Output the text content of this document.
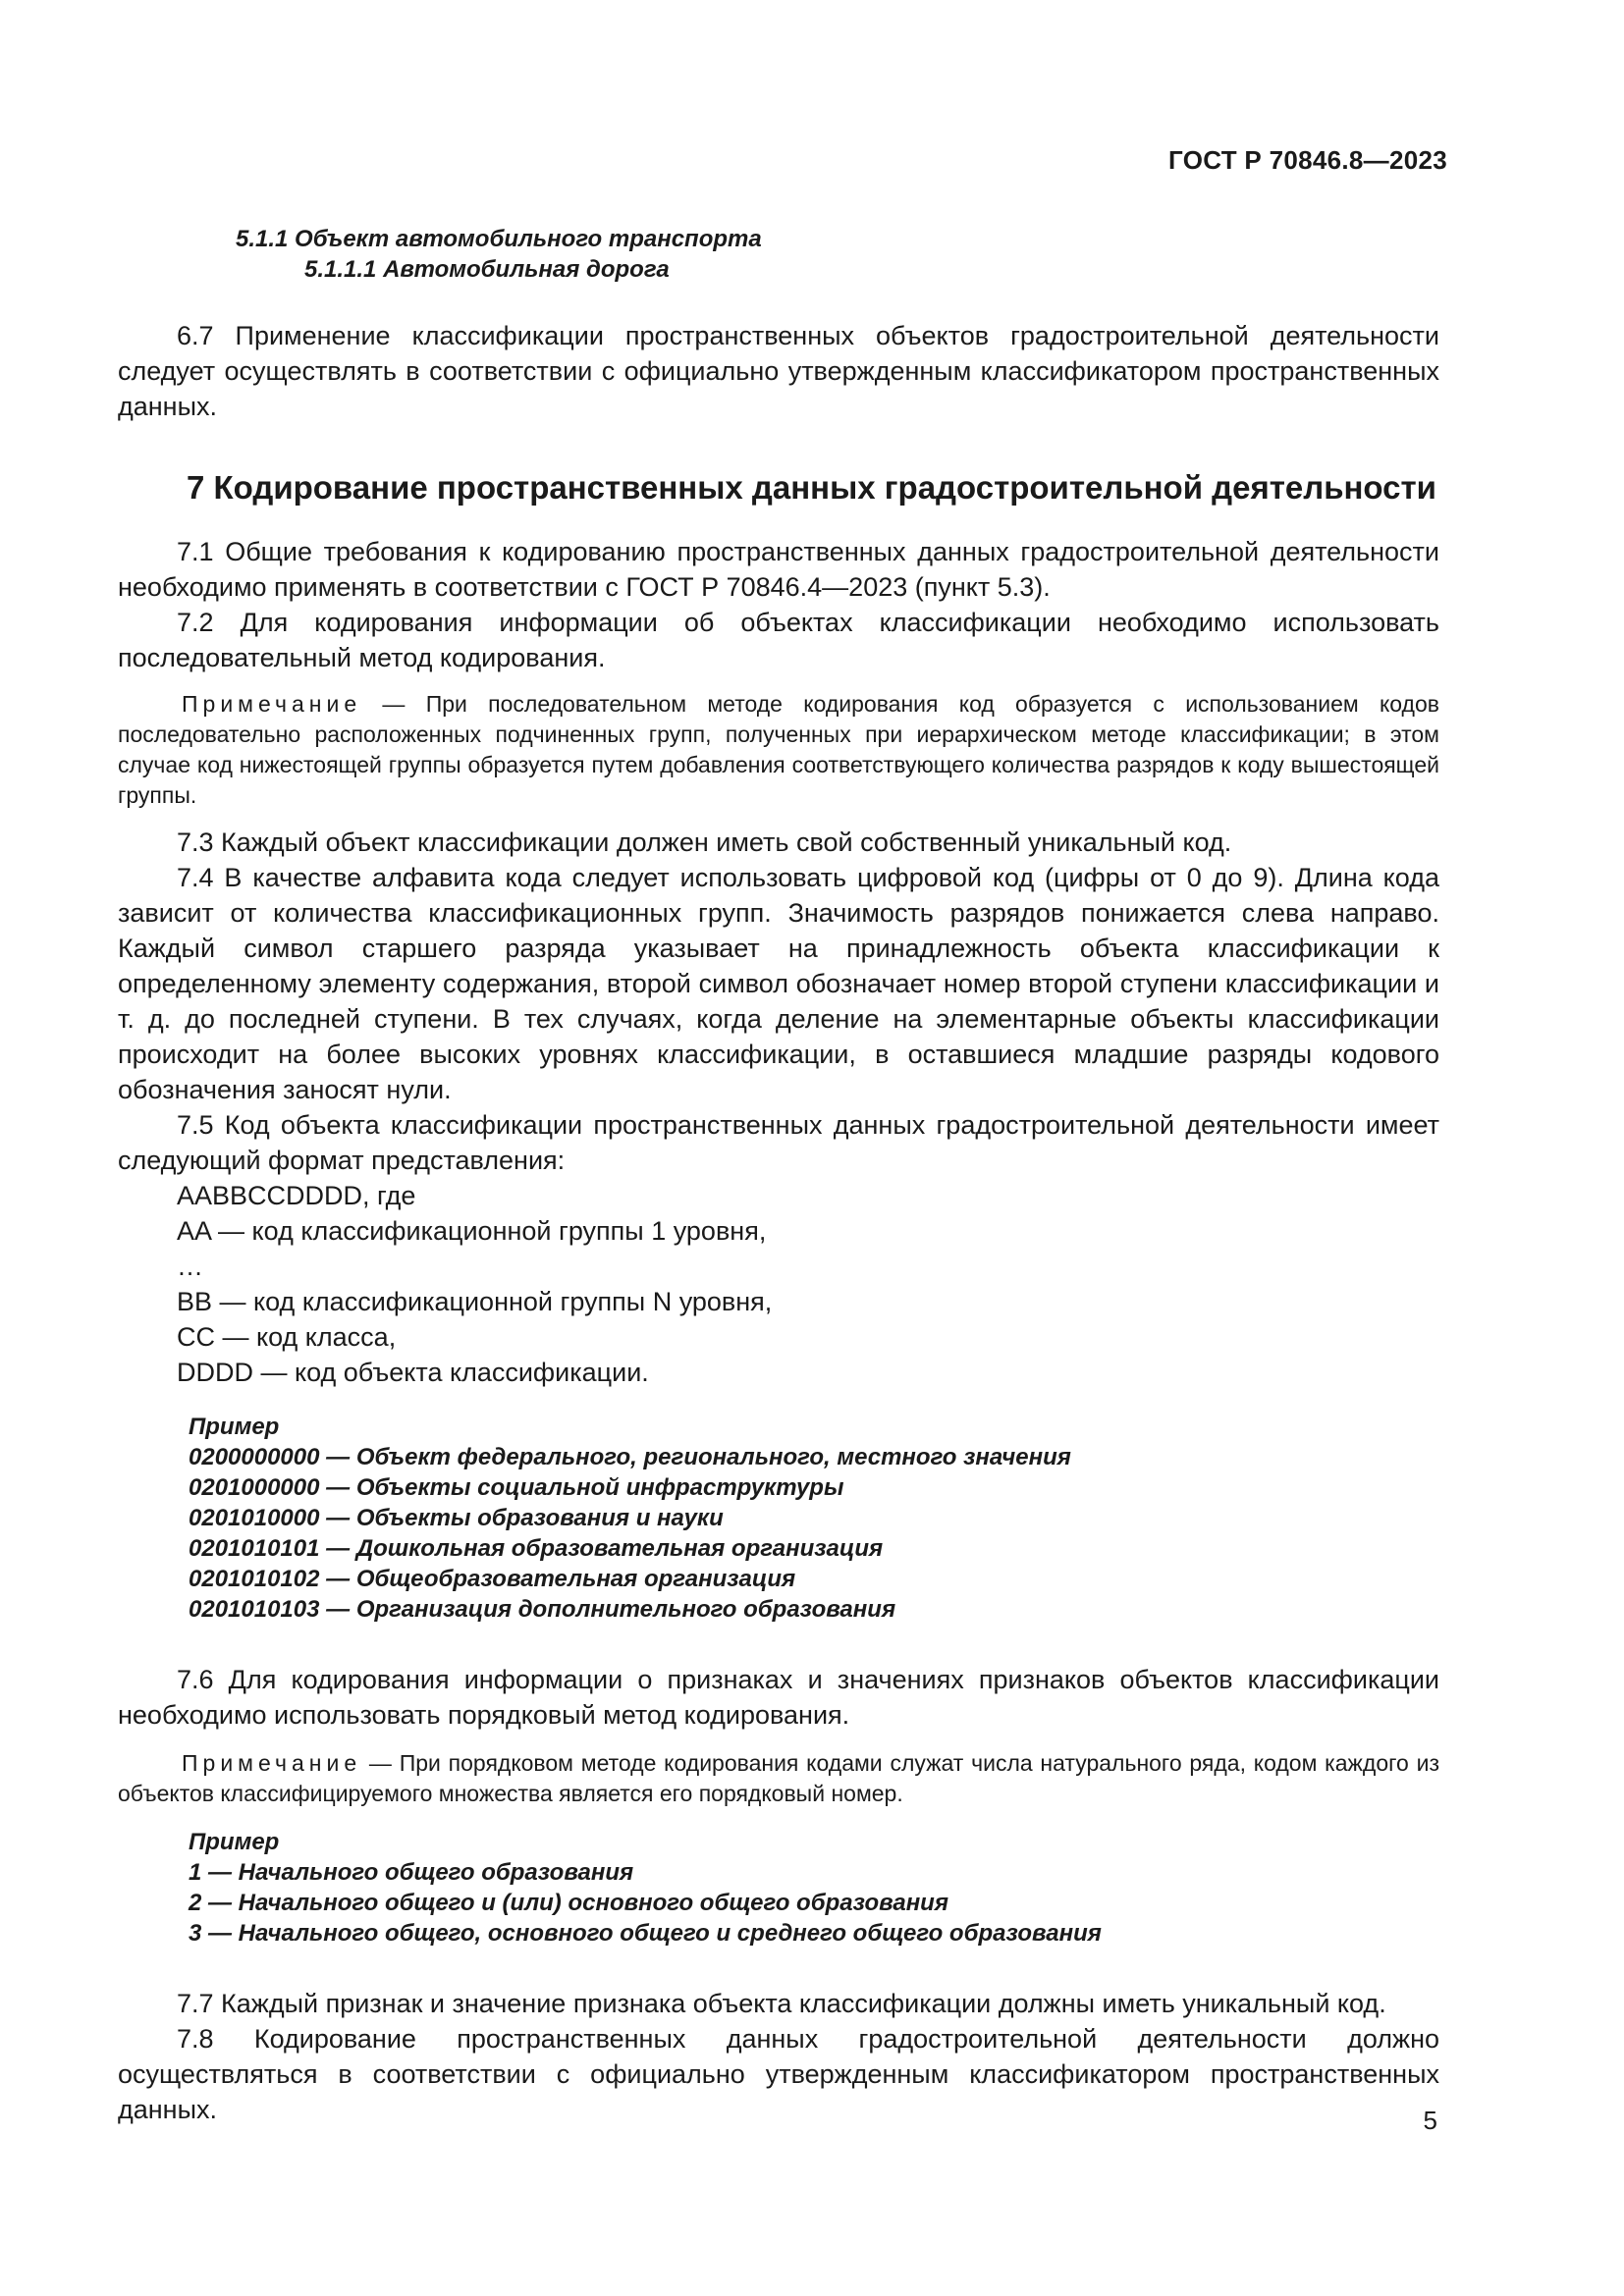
ГОСТ Р 70846.8—2023
5.1.1 Объект автомобильного транспорта
5.1.1.1 Автомобильная дорога

6.7 Применение классификации пространственных объектов градостроительной деятельности следует осуществлять в соответствии с официально утвержденным классификатором пространственных данных.

7 Кодирование пространственных данных градостроительной деятельности

7.1 Общие требования к кодированию пространственных данных градостроительной деятельности необходимо применять в соответствии с ГОСТ Р 70846.4—2023 (пункт 5.3).

7.2 Для кодирования информации об объектах классификации необходимо использовать последовательный метод кодирования.

Примечание — При последовательном методе кодирования код образуется с использованием кодов последовательно расположенных подчиненных групп, полученных при иерархическом методе классификации; в этом случае код нижестоящей группы образуется путем добавления соответствующего количества разрядов к коду вышестоящей группы.

7.3 Каждый объект классификации должен иметь свой собственный уникальный код.

7.4 В качестве алфавита кода следует использовать цифровой код (цифры от 0 до 9). Длина кода зависит от количества классификационных групп. Значимость разрядов понижается слева направо. Каждый символ старшего разряда указывает на принадлежность объекта классификации к определенному элементу содержания, второй символ обозначает номер второй ступени классификации и т. д. до последней ступени. В тех случаях, когда деление на элементарные объекты классификации происходит на более высоких уровнях классификации, в оставшиеся младшие разряды кодового обозначения заносят нули.

7.5 Код объекта классификации пространственных данных градостроительной деятельности имеет следующий формат представления:

AABBCCDDDD, где
AA — код классификационной группы 1 уровня,
…
BB — код классификационной группы N уровня,
CC — код класса,
DDDD — код объекта классификации.
Пример
0200000000 — Объект федерального, регионального, местного значения
0201000000 — Объекты социальной инфраструктуры
0201010000 — Объекты образования и науки
0201010101 — Дошкольная образовательная организация
0201010102 — Общеобразовательная организация
0201010103 — Организация дополнительного образования

7.6 Для кодирования информации о признаках и значениях признаков объектов классификации необходимо использовать порядковый метод кодирования.

Примечание — При порядковом методе кодирования кодами служат числа натурального ряда, кодом каждого из объектов классифицируемого множества является его порядковый номер.

Пример
1 — Начального общего образования
2 — Начального общего и (или) основного общего образования
3 — Начального общего, основного общего и среднего общего образования

7.7 Каждый признак и значение признака объекта классификации должны иметь уникальный код.

7.8 Кодирование пространственных данных градостроительной деятельности должно осуществляться в соответствии с официально утвержденным классификатором пространственных данных.	5
